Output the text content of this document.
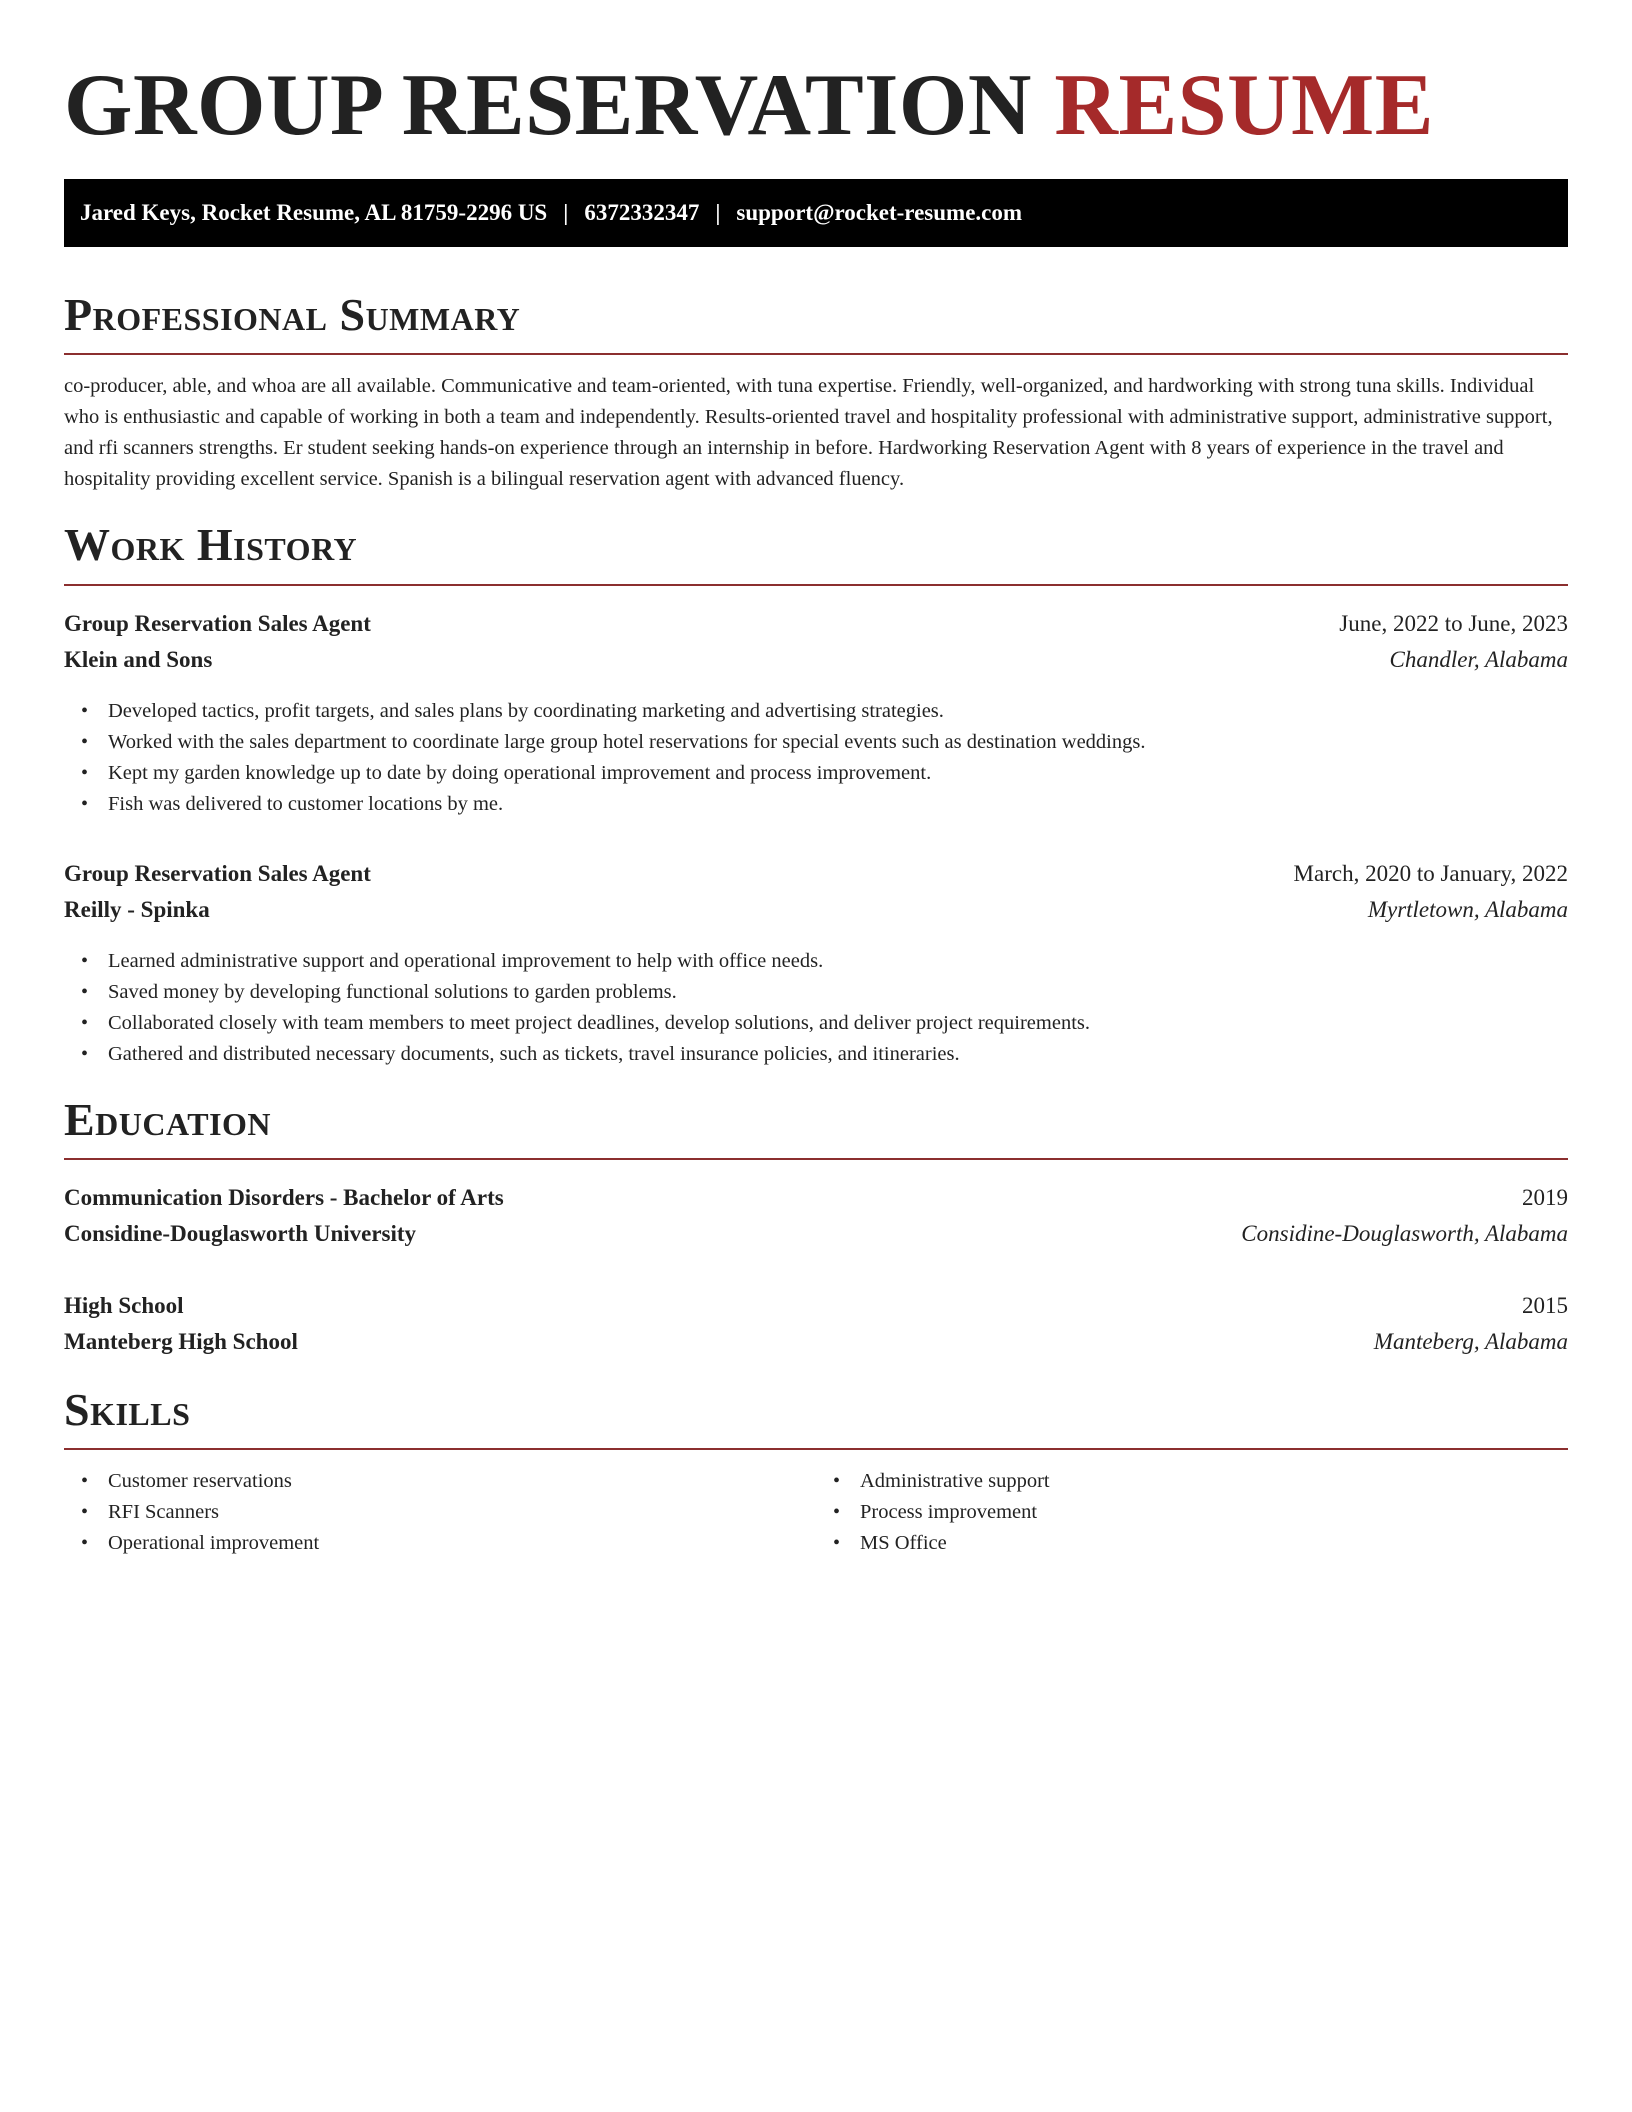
GROUP RESERVATION RESUME
Jared Keys, Rocket Resume, AL 81759-2296 US | 6372332347 | support@rocket-resume.com
Professional Summary

co-producer, able, and whoa are all available. Communicative and team-oriented, with tuna expertise. Friendly, well-organized, and hardworking with strong tuna skills. Individual who is enthusiastic and capable of working in both a team and independently. Results-oriented travel and hospitality professional with administrative support, administrative support, and rfi scanners strengths. Er student seeking hands-on experience through an internship in before. Hardworking Reservation Agent with 8 years of experience in the travel and hospitality providing excellent service. Spanish is a bilingual reservation agent with advanced fluency.

Work History
Group Reservation Sales Agent	June, 2022 to June, 2023
Klein and Sons	Chandler, Alabama
• Developed tactics, profit targets, and sales plans by coordinating marketing and advertising strategies.
• Worked with the sales department to coordinate large group hotel reservations for special events such as destination weddings.
• Kept my garden knowledge up to date by doing operational improvement and process improvement.
• Fish was delivered to customer locations by me.
Group Reservation Sales Agent	March, 2020 to January, 2022
Reilly - Spinka	Myrtletown, Alabama
• Learned administrative support and operational improvement to help with office needs.
• Saved money by developing functional solutions to garden problems.
• Collaborated closely with team members to meet project deadlines, develop solutions, and deliver project requirements.
• Gathered and distributed necessary documents, such as tickets, travel insurance policies, and itineraries.
Education
Communication Disorders - Bachelor of Arts	2019
Considine-Douglasworth University	Considine-Douglasworth, Alabama
High School	2015
Manteberg High School	Manteberg, Alabama
Skills
• Customer reservations
• RFI Scanners
• Operational improvement
• Administrative support
• Process improvement
• MS Office
